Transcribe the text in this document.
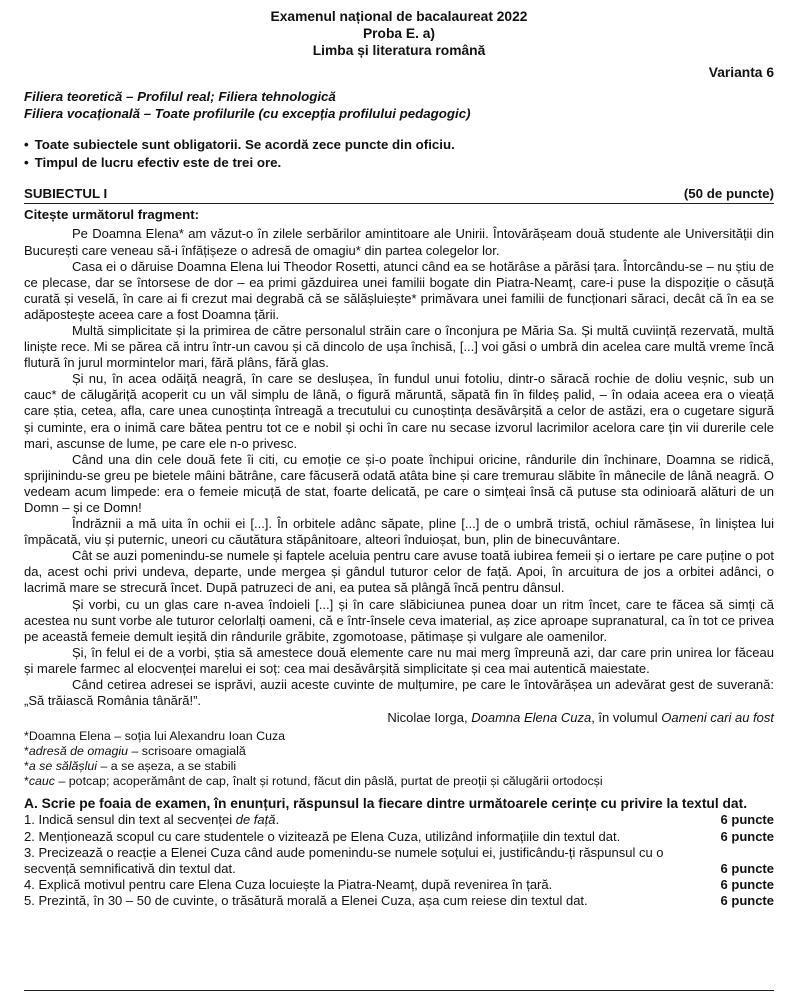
Examenul național de bacalaureat 2022
Proba E. a)
Limba și literatura română
Varianta 6
Filiera teoretică – Profilul real; Filiera tehnologică
Filiera vocațională – Toate profilurile (cu excepția profilului pedagogic)
• Toate subiectele sunt obligatorii. Se acordă zece puncte din oficiu.
• Timpul de lucru efectiv este de trei ore.
SUBIECTUL I	(50 de puncte)
Citește următorul fragment:

Pe Doamna Elena* am văzut-o în zilele serbărilor amintitoare ale Unirii. Întovărășeam două studente ale Universității din București care veneau să-i înfățișeze o adresă de omagiu* din partea colegelor lor.

Casa ei o dăruise Doamna Elena lui Theodor Rosetti, atunci când ea se hotărâse a părăsi țara. Întorcându-se – nu știu de ce plecase, dar se întorsese de dor – ea primi găzduirea unei familii bogate din Piatra-Neamț, care-i puse la dispoziție o căsuță curată și veselă, în care ai fi crezut mai degrabă că se sălășluiește* primăvara unei familii de funcționari săraci, decât că în ea se adăpostește aceea care a fost Doamna țării.

Multă simplicitate și la primirea de către personalul străin care o înconjura pe Măria Sa. Și multă cuviință rezervată, multă liniște rece. Mi se părea că intru într-un cavou și că dincolo de ușa închisă, [...] voi găsi o umbră din acelea care multă vreme încă flutură în jurul mormintelor mari, fără plâns, fără glas.

Și nu, în acea odăiță neagră, în care se deslușea, în fundul unui fotoliu, dintr-o săracă rochie de doliu veșnic, sub un cauc* de călugăriță acoperit cu un văl simplu de lână, o figură măruntă, săpată fin în fildeș palid, – în odaia aceea era o vieață care știa, cetea, afla, care unea cunoștința întreagă a trecutului cu cunoștința desăvârșită a celor de astăzi, era o cugetare sigură și cuminte, era o inimă care bătea pentru tot ce e nobil și ochi în care nu secase izvorul lacrimilor acelora care țin vii durerile cele mari, ascunse de lume, pe care ele n-o privesc.

Când una din cele două fete îi citi, cu emoție ce și-o poate închipui oricine, rândurile din închinare, Doamna se ridică, sprijinindu-se greu pe bietele mâini bătrâne, care făcuseră odată atâta bine și care tremurau slăbite în mânecile de lână neagră. O vedeam acum limpede: era o femeie micuță de stat, foarte delicată, pe care o simțeai însă că putuse sta odinioară alături de un Domn – și ce Domn!

Îndrăznii a mă uita în ochii ei [...]. În orbitele adânc săpate, pline [...] de o umbră tristă, ochiul rămăsese, în liniștea lui împăcată, viu și puternic, uneori cu căutătura stăpânitoare, alteori înduioșat, bun, plin de binecuvântare.

Cât se auzi pomenindu-se numele și faptele aceluia pentru care avuse toată iubirea femeii și o iertare pe care puține o pot da, acest ochi privi undeva, departe, unde mergea și gândul tuturor celor de față. Apoi, în arcuitura de jos a orbitei adânci, o lacrimă mare se strecură încet. După patruzeci de ani, ea putea să plângă încă pentru dânsul.

Și vorbi, cu un glas care n-avea îndoieli [...] și în care slăbiciunea punea doar un ritm încet, care te făcea să simți că acestea nu sunt vorbe ale tuturor celorlalți oameni, că e într-însele ceva imaterial, aș zice aproape supranatural, ca în tot ce privea pe această femeie demult ieșită din rândurile grăbite, zgomotoase, pătimașe și vulgare ale oamenilor.

Și, în felul ei de a vorbi, știa să amestece două elemente care nu mai merg împreună azi, dar care prin unirea lor făceau și marele farmec al elocvenței marelui ei soț: cea mai desăvârșită simplicitate și cea mai autentică maiestate.

Când cetirea adresei se isprăvi, auzii aceste cuvinte de mulțumire, pe care le întovărășea un adevărat gest de suverană: „Să trăiască România tânără!”.

Nicolae Iorga, Doamna Elena Cuza, în volumul Oameni cari au fost
*Doamna Elena – soția lui Alexandru Ioan Cuza
*adresă de omagiu – scrisoare omagială
*a se sălășlui – a se așeza, a se stabili
*cauc – potcap; acoperământ de cap, înalt și rotund, făcut din pâslă, purtat de preoții și călugării ortodocși
A. Scrie pe foaia de examen, în enunțuri, răspunsul la fiecare dintre următoarele cerințe cu privire la textul dat.
1. Indică sensul din text al secvenței de față.	6 puncte
2. Menționează scopul cu care studentele o vizitează pe Elena Cuza, utilizând informațiile din textul dat.	6 puncte
3. Precizează o reacție a Elenei Cuza când aude pomenindu-se numele soțului ei, justificându-ți răspunsul cu o secvență semnificativă din textul dat.	6 puncte
4. Explică motivul pentru care Elena Cuza locuiește la Piatra-Neamț, după revenirea în țară.	6 puncte
5. Prezintă, în 30 – 50 de cuvinte, o trăsătură morală a Elenei Cuza, așa cum reiese din textul dat.	6 puncte
